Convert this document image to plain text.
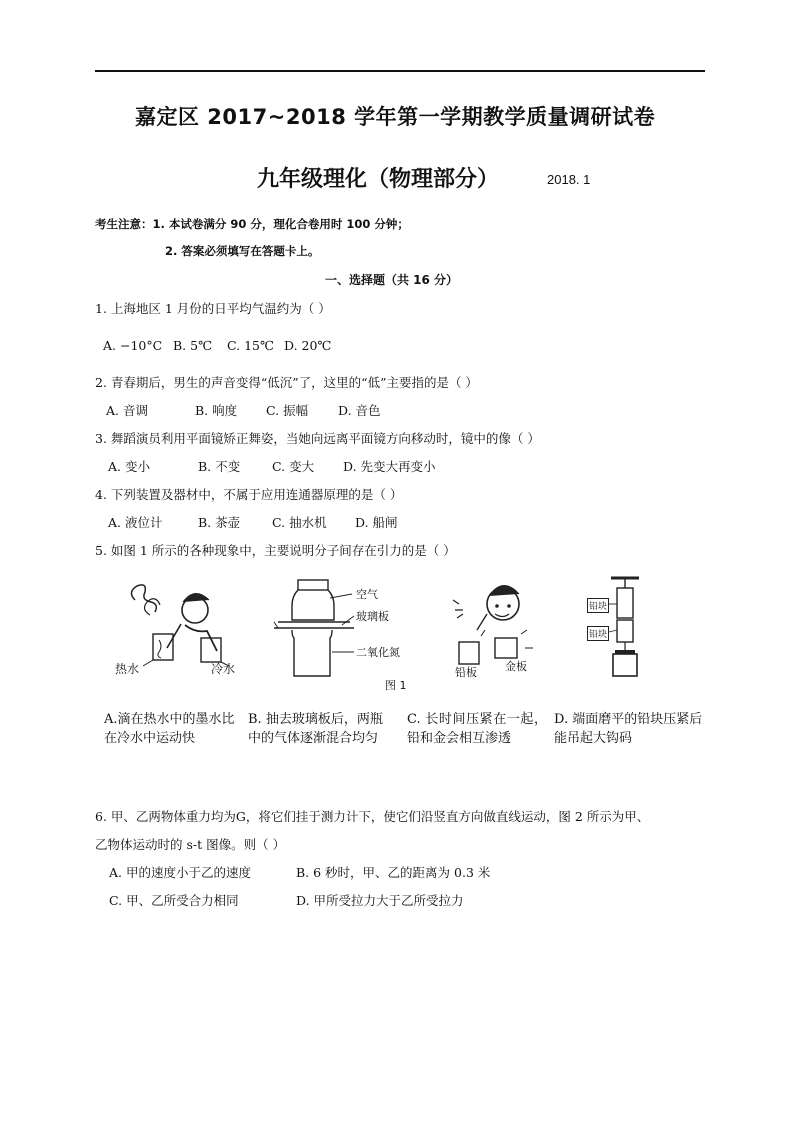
嘉定区 2017~2018 学年第一学期教学质量调研试卷
九年级理化（物理部分）	2018. 1
考生注意：1. 本试卷满分 90 分，理化合卷用时 100 分钟；
2. 答案必须填写在答题卡上。
一、选择题（共 16 分）
1. 上海地区 1 月份的日平均气温约为（ ）
A. −10°C B. 5℃ C. 15℃ D. 20℃
2. 青春期后，男生的声音变得“低沉”了，这里的“低”主要指的是（ ）
A. 音调	B. 响度 C. 振幅 D. 音色
3. 舞蹈演员利用平面镜矫正舞姿，当她向远离平面镜方向移动时，镜中的像（ ）
A. 变小	B. 不变	C. 变大 D. 先变大再变小
4. 下列装置及器材中，不属于应用连通器原理的是（ ）
A. 液位计	B. 茶壶	C. 抽水机 D. 船闸
5. 如图 1 所示的各种现象中，主要说明分子间存在引力的是（ ）
热水	冷水
空气
玻璃板
二氧化氮
图 1
铅板	金板
铅块
铅块
A.滴在热水中的墨水比在冷水中运动快
B. 抽去玻璃板后，两瓶中的气体逐渐混合均匀
C. 长时间压紧在一起，铅和金会相互渗透
D. 端面磨平的铅块压紧后能吊起大钩码
6. 甲、乙两物体重力均为G，将它们挂于测力计下，使它们沿竖直方向做直线运动，图 2 所示为甲、
乙物体运动时的 s-t 图像。则（ ）
A. 甲的速度小于乙的速度	B. 6 秒时，甲、乙的距离为 0.3 米
C. 甲、乙所受合力相同	D. 甲所受拉力大于乙所受拉力
